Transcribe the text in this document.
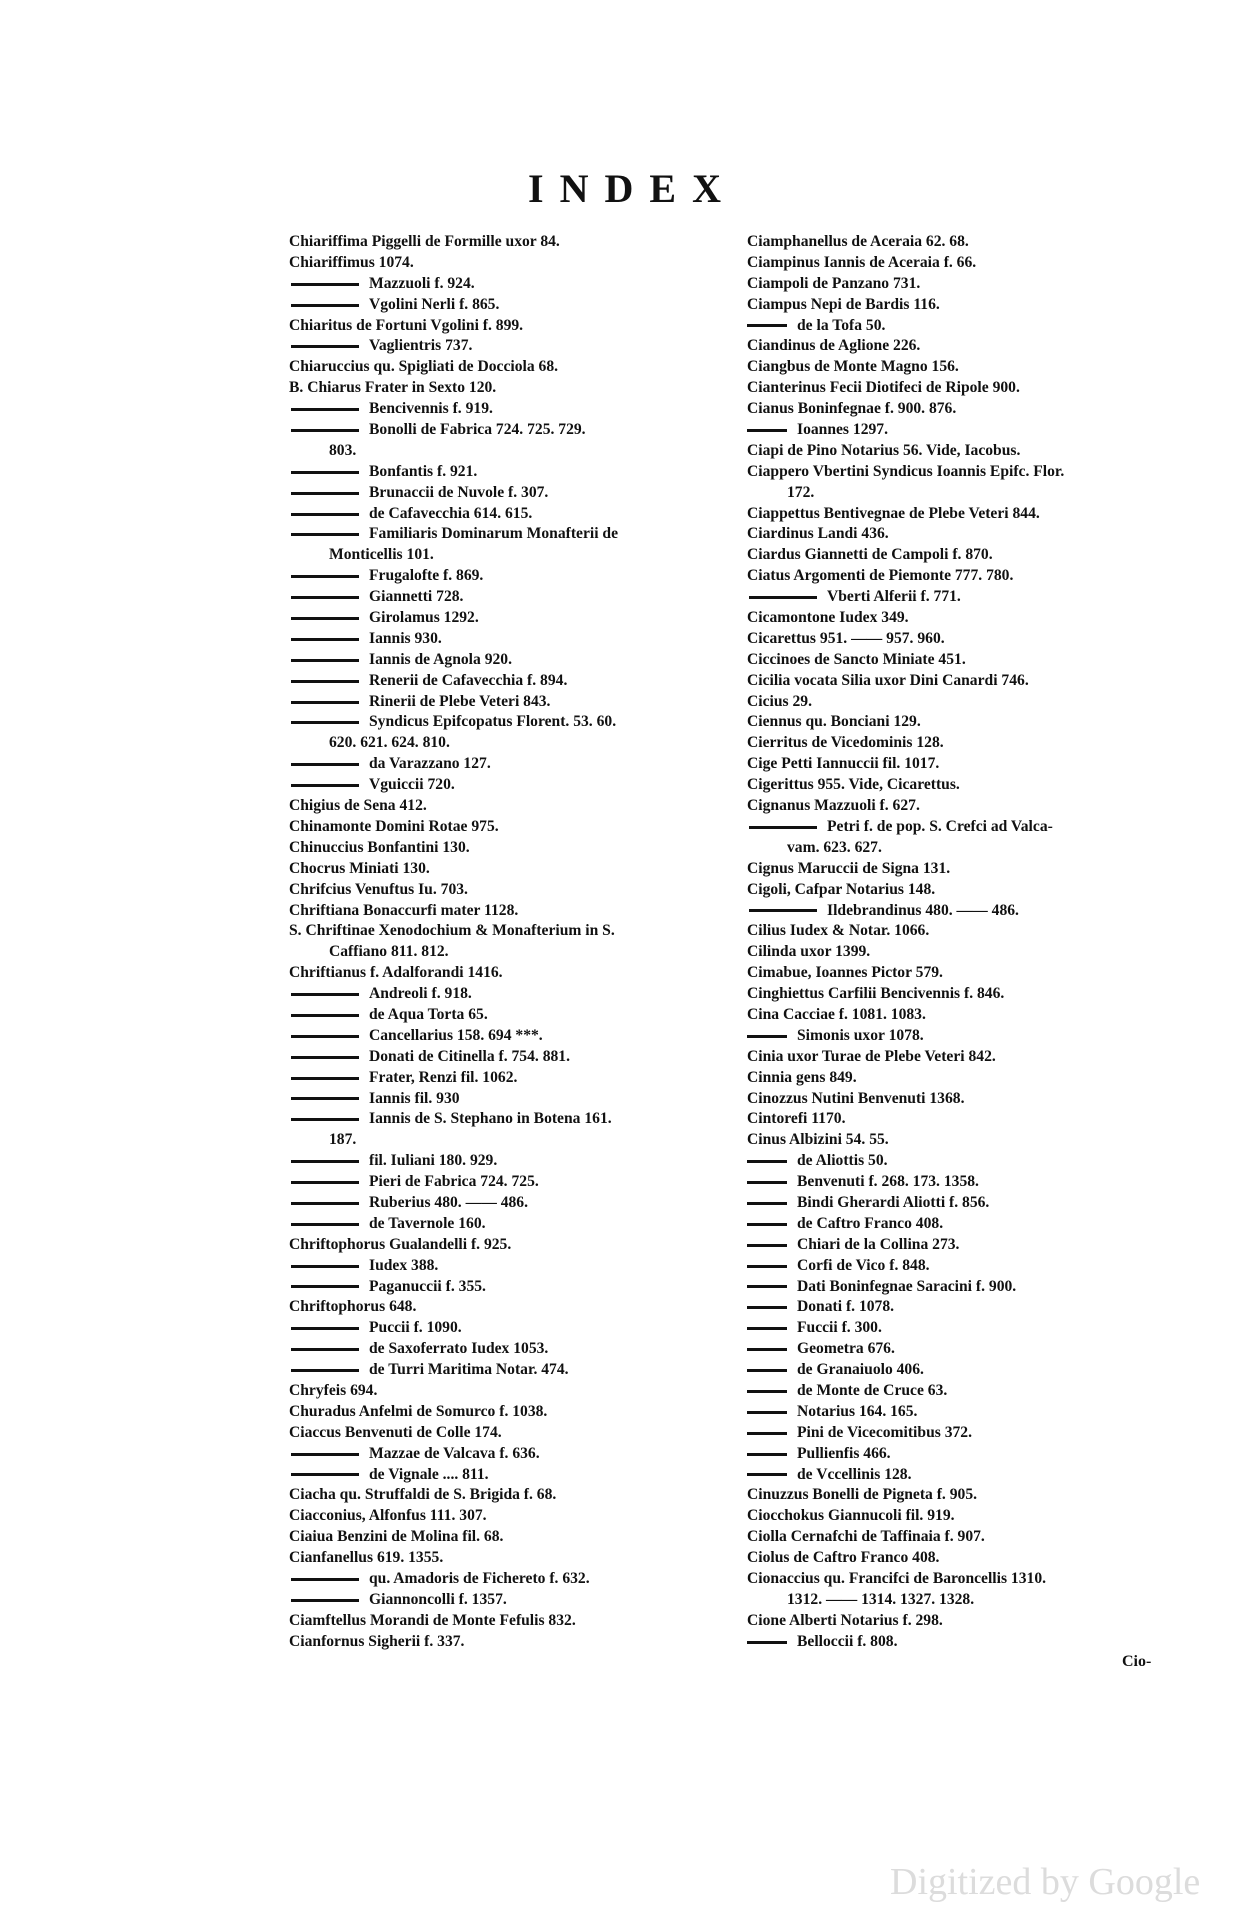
I N D E X
Chiariffima Piggelli de Formille uxor 84.
Chiariffimus 1074.
Mazzuoli f. 924.
Vgolini Nerli f. 865.
Chiaritus de Fortuni Vgolini f. 899.
Vaglientris 737.
Chiaruccius qu. Spigliati de Docciola 68.
B. Chiarus Frater in Sexto 120.
Bencivennis f. 919.
Bonolli de Fabrica 724. 725. 729.
803.
Bonfantis f. 921.
Brunaccii de Nuvole f. 307.
de Cafavecchia 614. 615.
Familiaris Dominarum Monafterii de
Monticellis 101.
Frugalofte f. 869.
Giannetti 728.
Girolamus 1292.
Iannis 930.
Iannis de Agnola 920.
Renerii de Cafavecchia f. 894.
Rinerii de Plebe Veteri 843.
Syndicus Epifcopatus Florent. 53. 60.
620. 621. 624. 810.
da Varazzano 127.
Vguiccii 720.
Chigius de Sena 412.
Chinamonte Domini Rotae 975.
Chinuccius Bonfantini 130.
Chocrus Miniati 130.
Chrifcius Venuftus Iu. 703.
Chriftiana Bonaccurfi mater 1128.
S. Chriftinae Xenodochium & Monafterium in S.
Caffiano 811. 812.
Chriftianus f. Adalforandi 1416.
Andreoli f. 918.
de Aqua Torta 65.
Cancellarius 158. 694 ***.
Donati de Citinella f. 754. 881.
Frater, Renzi fil. 1062.
Iannis fil. 930
Iannis de S. Stephano in Botena 161.
187.
fil. Iuliani 180. 929.
Pieri de Fabrica 724. 725.
Ruberius 480. —— 486.
de Tavernole 160.
Chriftophorus Gualandelli f. 925.
Iudex 388.
Paganuccii f. 355.
Chriftophorus 648.
Puccii f. 1090.
de Saxoferrato Iudex 1053.
de Turri Maritima Notar. 474.
Chryfeis 694.
Churadus Anfelmi de Somurco f. 1038.
Ciaccus Benvenuti de Colle 174.
Mazzae de Valcava f. 636.
de Vignale .... 811.
Ciacha qu. Struffaldi de S. Brigida f. 68.
Ciacconius, Alfonfus 111. 307.
Ciaiua Benzini de Molina fil. 68.
Cianfanellus 619. 1355.
qu. Amadoris de Fichereto f. 632.
Giannoncolli f. 1357.
Ciamftellus Morandi de Monte Fefulis 832.
Cianfornus Sigherii f. 337.
Ciamphanellus de Aceraia 62. 68.
Ciampinus Iannis de Aceraia f. 66.
Ciampoli de Panzano 731.
Ciampus Nepi de Bardis 116.
de la Tofa 50.
Ciandinus de Aglione 226.
Ciangbus de Monte Magno 156.
Cianterinus Fecii Diotifeci de Ripole 900.
Cianus Boninfegnae f. 900. 876.
Ioannes 1297.
Ciapi de Pino Notarius 56. Vide, Iacobus.
Ciappero Vbertini Syndicus Ioannis Epifc. Flor.
172.
Ciappettus Bentivegnae de Plebe Veteri 844.
Ciardinus Landi 436.
Ciardus Giannetti de Campoli f. 870.
Ciatus Argomenti de Piemonte 777. 780.
Vberti Alferii f. 771.
Cicamontone Iudex 349.
Cicarettus 951. —— 957. 960.
Ciccinoes de Sancto Miniate 451.
Cicilia vocata Silia uxor Dini Canardi 746.
Cicius 29.
Ciennus qu. Bonciani 129.
Cierritus de Vicedominis 128.
Cige Petti Iannuccii fil. 1017.
Cigerittus 955. Vide, Cicarettus.
Cignanus Mazzuoli f. 627.
Petri f. de pop. S. Crefci ad Valca-
vam. 623. 627.
Cignus Maruccii de Signa 131.
Cigoli, Cafpar Notarius 148.
Ildebrandinus 480. —— 486.
Cilius Iudex & Notar. 1066.
Cilinda uxor 1399.
Cimabue, Ioannes Pictor 579.
Cinghiettus Carfilii Bencivennis f. 846.
Cina Cacciae f. 1081. 1083.
Simonis uxor 1078.
Cinia uxor Turae de Plebe Veteri 842.
Cinnia gens 849.
Cinozzus Nutini Benvenuti 1368.
Cintorefi 1170.
Cinus Albizini 54. 55.
de Aliottis 50.
Benvenuti f. 268. 173. 1358.
Bindi Gherardi Aliotti f. 856.
de Caftro Franco 408.
Chiari de la Collina 273.
Corfi de Vico f. 848.
Dati Boninfegnae Saracini f. 900.
Donati f. 1078.
Fuccii f. 300.
Geometra 676.
de Granaiuolo 406.
de Monte de Cruce 63.
Notarius 164. 165.
Pini de Vicecomitibus 372.
Pullienfis 466.
de Vccellinis 128.
Cinuzzus Bonelli de Pigneta f. 905.
Ciocchokus Giannucoli fil. 919.
Ciolla Cernafchi de Taffinaia f. 907.
Ciolus de Caftro Franco 408.
Cionaccius qu. Francifci de Baroncellis 1310.
1312. —— 1314. 1327. 1328.
Cione Alberti Notarius f. 298.
Belloccii f. 808.
Cio-
Digitized by Google
